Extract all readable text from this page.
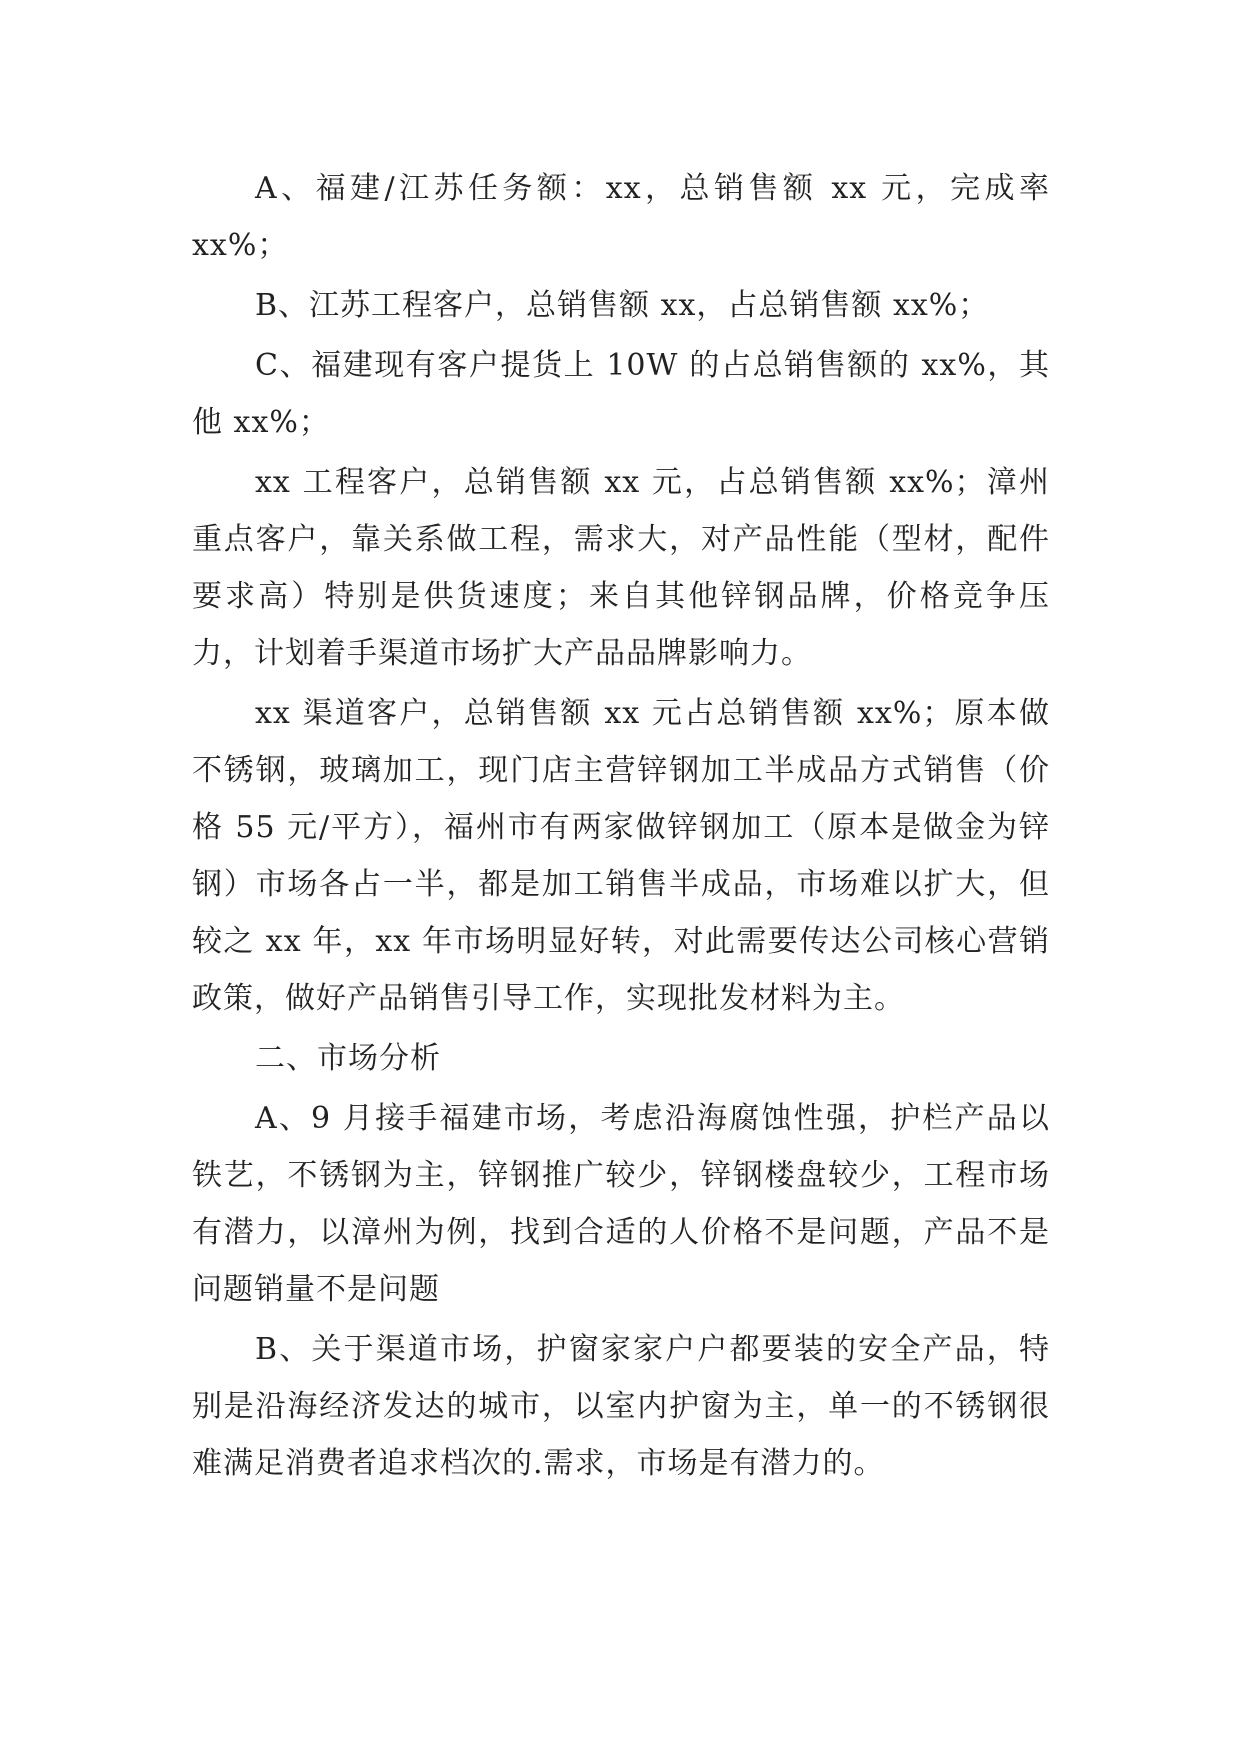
A、福建/江苏任务额：xx，总销售额 xx 元，完成率 xx%；

B、江苏工程客户，总销售额 xx，占总销售额 xx%；

C、福建现有客户提货上 10W 的占总销售额的 xx%，其他 xx%；

xx 工程客户，总销售额 xx 元，占总销售额 xx%；漳州重点客户，靠关系做工程，需求大，对产品性能（型材，配件要求高）特别是供货速度；来自其他锌钢品牌，价格竞争压力，计划着手渠道市场扩大产品品牌影响力。

xx 渠道客户，总销售额 xx 元占总销售额 xx%；原本做不锈钢，玻璃加工，现门店主营锌钢加工半成品方式销售（价格 55 元/平方），福州市有两家做锌钢加工（原本是做金为锌钢）市场各占一半，都是加工销售半成品，市场难以扩大，但较之 xx 年，xx 年市场明显好转，对此需要传达公司核心营销政策，做好产品销售引导工作，实现批发材料为主。

二、市场分析

A、9 月接手福建市场，考虑沿海腐蚀性强，护栏产品以铁艺，不锈钢为主，锌钢推广较少，锌钢楼盘较少，工程市场有潜力，以漳州为例，找到合适的人价格不是问题，产品不是问题销量不是问题

B、关于渠道市场，护窗家家户户都要装的安全产品，特别是沿海经济发达的城市，以室内护窗为主，单一的不锈钢很难满足消费者追求档次的.需求，市场是有潜力的。
